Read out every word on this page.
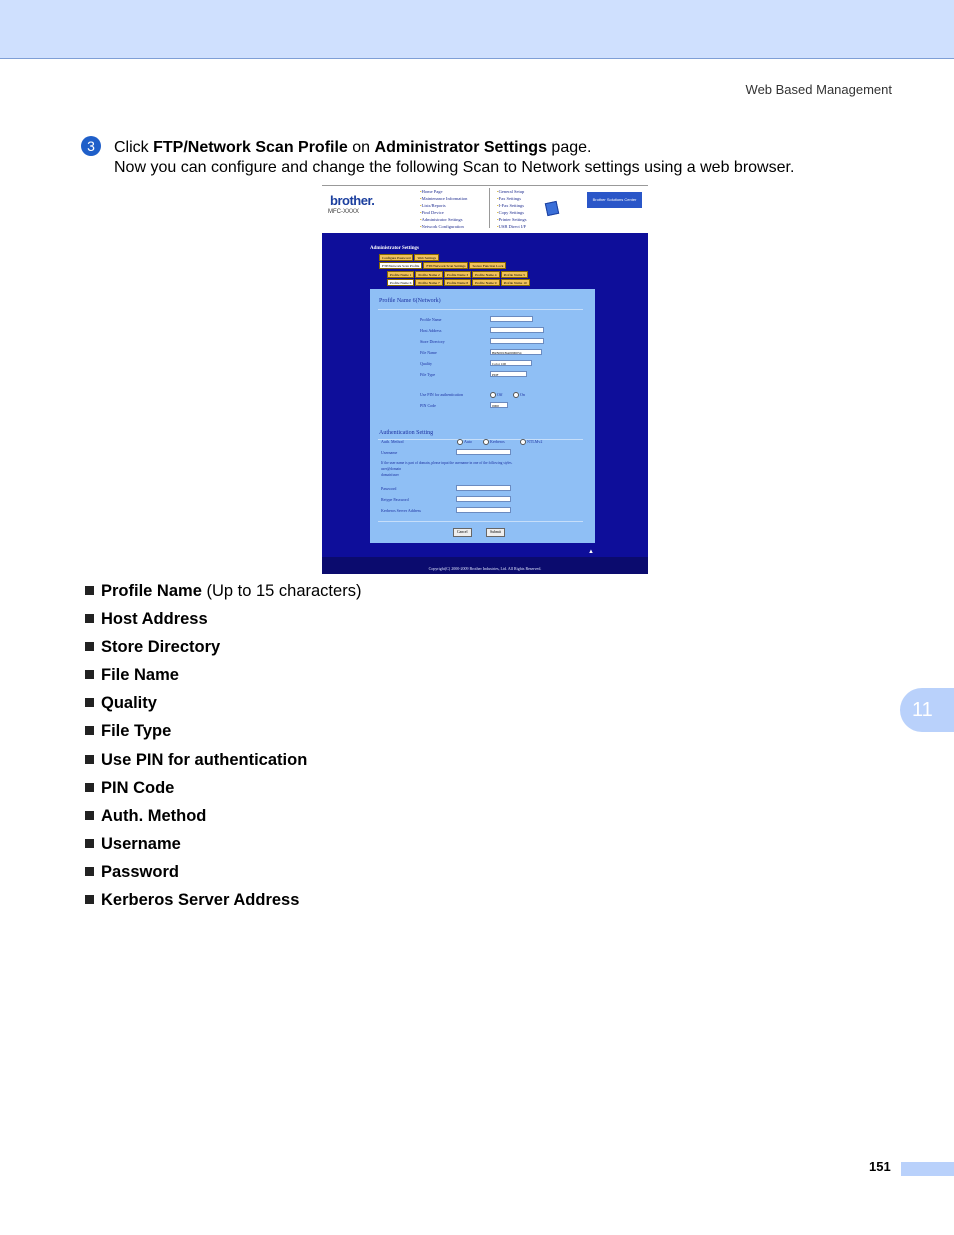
Web Based Management
3	Click FTP/Network Scan Profile on Administrator Settings page.
Now you can configure and change the following Scan to Network settings using a web browser.
brother.
MFC-XXXX
• Home Page
• Maintenance Information
• Lists/Reports
• Find Device
• Administrator Settings
• Network Configuration
• General Setup
• Fax Settings
• I-Fax Settings
• Copy Settings
• Printer Settings
• USB Direct I/F
Brother Solutions Center
Administrator Settings
Configure Password	Web Settings
FTP/Network Scan Profile	FTP/Network Scan Settings	Secure Function Lock
Profile Name 1	Profile Name 2	Profile Name 3	Profile Name 4	Profile Name 5
Profile Name 6	Profile Name 7	Profile Name 8	Profile Name 9	Profile Name 10
Profile Name 6(Network)
Profile Name
Host Address
Store Directory
File Name	BRN001BA0000054
Quality	Color 100
File Type	PDF
Use PIN for authentication	Off	On
PIN Code	0000
Authentication Setting
Auth. Method	Auto	Kerberos	NTLMv2
Username
If the user name is part of domain, please input the username in one of the following styles.
user@domain
domain\user
Password
Retype Password
Kerberos Server Address
Cancel	Submit
▲
Copyright(C) 2000-2009 Brother Industries, Ltd. All Rights Reserved.
Profile Name (Up to 15 characters)
Host Address
Store Directory
File Name
Quality
File Type
Use PIN for authentication
PIN Code
Auth. Method
Username
Password
Kerberos Server Address
11
151
